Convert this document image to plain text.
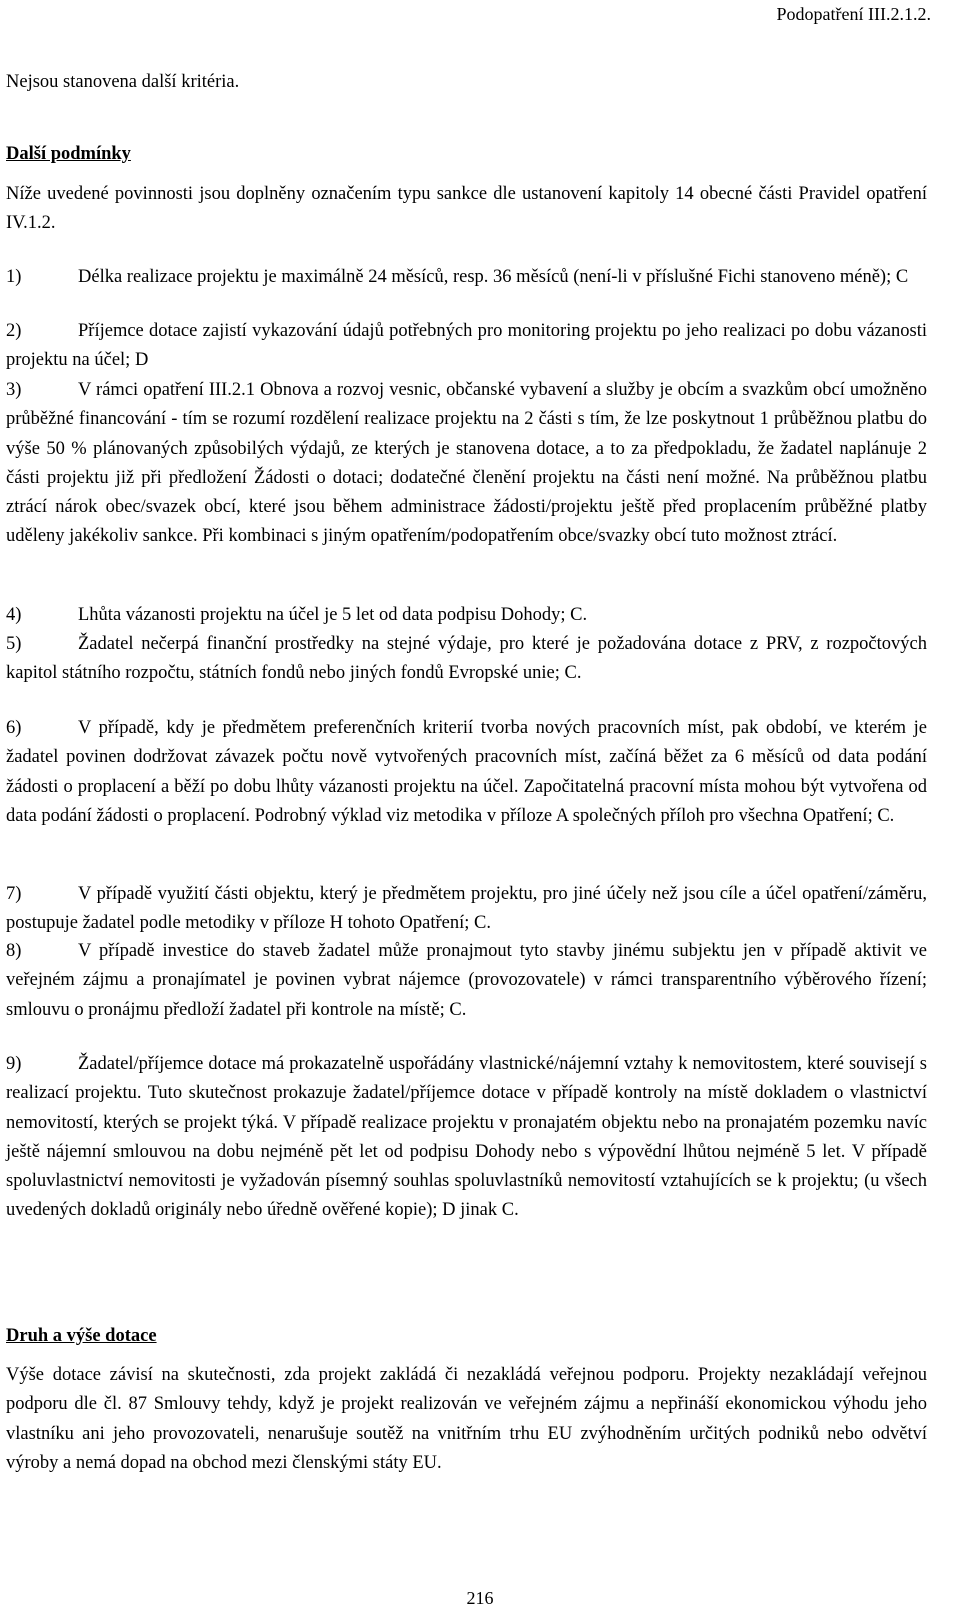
Podopatření III.2.1.2.

Nejsou stanovena další kritéria.

Další podmínky

Níže uvedené povinnosti jsou doplněny označením typu sankce dle ustanovení kapitoly 14 obecné části Pravidel opatření IV.1.2.

1)	Délka realizace projektu je maximálně 24 měsíců, resp. 36 měsíců (není-li v příslušné Fichi stanoveno méně); C

2)	Příjemce dotace zajistí vykazování údajů potřebných pro monitoring projektu po jeho realizaci po dobu vázanosti projektu na účel; D

3)	V rámci opatření III.2.1 Obnova a rozvoj vesnic, občanské vybavení a služby je obcím a svazkům obcí umožněno průběžné financování - tím se rozumí rozdělení realizace projektu na 2 části s tím, že lze poskytnout 1 průběžnou platbu do výše 50 % plánovaných způsobilých výdajů, ze kterých je stanovena dotace, a to za předpokladu, že žadatel naplánuje 2 části projektu již při předložení Žádosti o dotaci; dodatečné členění projektu na části není možné. Na průběžnou platbu ztrácí nárok obec/svazek obcí, které jsou během administrace žádosti/projektu ještě před proplacením průběžné platby uděleny jakékoliv sankce. Při kombinaci s jiným opatřením/podopatřením obce/svazky obcí tuto možnost ztrácí.

4)	Lhůta vázanosti projektu na účel je 5 let od data podpisu Dohody; C.

5)	Žadatel nečerpá finanční prostředky na stejné výdaje, pro které je požadována dotace z PRV, z rozpočtových kapitol státního rozpočtu, státních fondů nebo jiných fondů Evropské unie; C.

6)	V případě, kdy je předmětem preferenčních kriterií tvorba nových pracovních míst, pak období, ve kterém je žadatel povinen dodržovat závazek počtu nově vytvořených pracovních míst, začíná běžet za 6 měsíců od data podání žádosti o proplacení a běží po dobu lhůty vázanosti projektu na účel. Započitatelná pracovní místa mohou být vytvořena od data podání žádosti o proplacení. Podrobný výklad viz metodika v příloze A společných příloh pro všechna Opatření; C.

7)	V případě využití části objektu, který je předmětem projektu, pro jiné účely než jsou cíle a účel opatření/záměru, postupuje žadatel podle metodiky v příloze H tohoto Opatření; C.

8)	V případě investice do staveb žadatel může pronajmout tyto stavby jinému subjektu jen v případě aktivit ve veřejném zájmu a pronajímatel je povinen vybrat nájemce (provozovatele) v rámci transparentního výběrového řízení; smlouvu o pronájmu předloží žadatel při kontrole na místě; C.

9)	Žadatel/příjemce dotace má prokazatelně uspořádány vlastnické/nájemní vztahy k nemovitostem, které souvisejí s realizací projektu. Tuto skutečnost prokazuje žadatel/příjemce dotace v případě kontroly na místě dokladem o vlastnictví nemovitostí, kterých se projekt týká. V případě realizace projektu v pronajatém objektu nebo na pronajatém pozemku navíc ještě nájemní smlouvou na dobu nejméně pět let od podpisu Dohody nebo s výpovědní lhůtou nejméně 5 let. V případě spoluvlastnictví nemovitosti je vyžadován písemný souhlas spoluvlastníků nemovitostí vztahujících se k projektu; (u všech uvedených dokladů originály nebo úředně ověřené kopie); D jinak C.

Druh a výše dotace

Výše dotace závisí na skutečnosti, zda projekt zakládá či nezakládá veřejnou podporu. Projekty nezakládají veřejnou podporu dle čl. 87 Smlouvy tehdy, když je projekt realizován ve veřejném zájmu a nepřináší ekonomickou výhodu jeho vlastníku ani jeho provozovateli, nenarušuje soutěž na vnitřním trhu EU zvýhodněním určitých podniků nebo odvětví výroby a nemá dopad na obchod mezi členskými státy EU.

216
